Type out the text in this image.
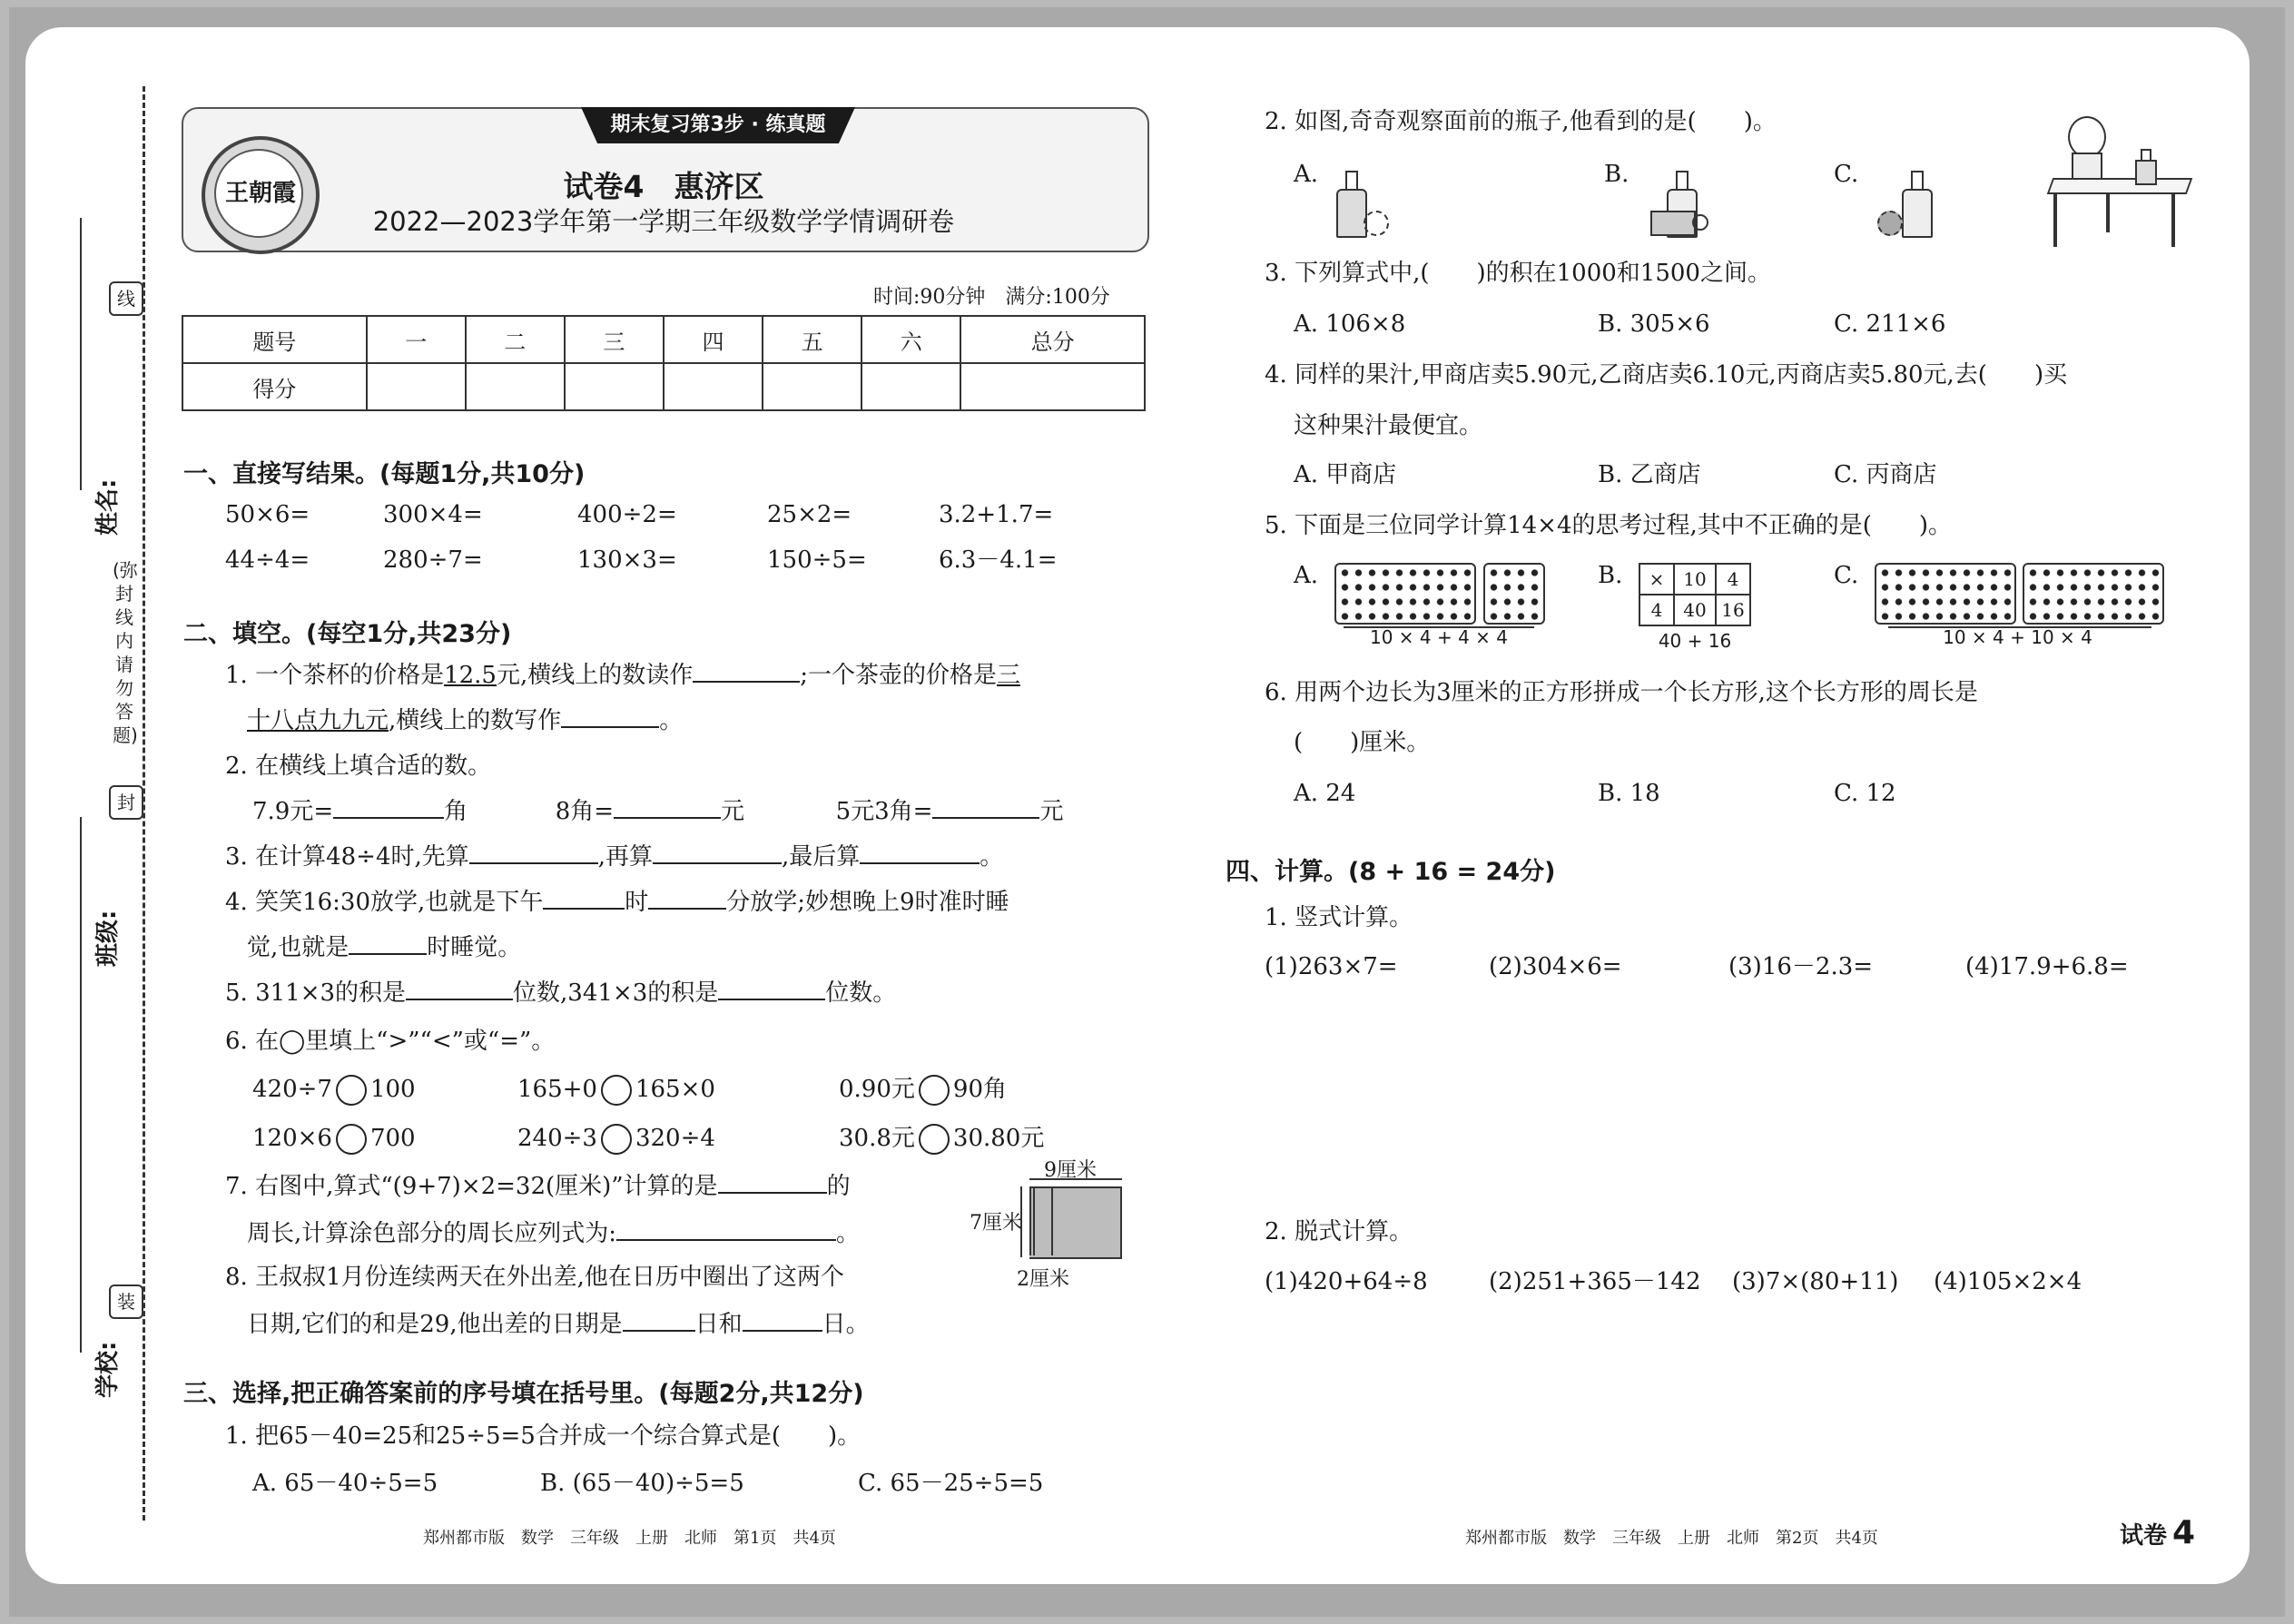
姓名:
班级:
学校:
线
封
装
(弥封线内请勿答题)
期末复习第3步 · 练真题
王朝霞	试卷4　惠济区
2022—2023学年第一学期三年级数学学情调研卷
时间:90分钟　满分:100分
题号	一	二	三	四	五	六	总分
得分							
一、直接写结果。(每题1分,共10分)
50×6=	300×4=	400÷2=	25×2=	3.2+1.7=
44÷4=	280÷7=	130×3=	150÷5=	6.3－4.1=
二、填空。(每空1分,共23分)
1. 一个茶杯的价格是12.5元,横线上的数读作	;一个茶壶的价格是三
十八点九九元,横线上的数写作	。
2. 在横线上填合适的数。
7.9元=	角	8角=	元	5元3角=	元
3. 在计算48÷4时,先算	,再算	,最后算	。
4. 笑笑16:30放学,也就是下午	时	分放学;妙想晚上9时准时睡
觉,也就是	时睡觉。
5. 311×3的积是	位数,341×3的积是	位数。
6. 在◯里填上“>”“<”或“=”。
420÷7 100	165+0 165×0	0.90元 90角
120×6 700	240÷3 320÷4	30.8元 30.80元
7. 右图中,算式“(9+7)×2=32(厘米)”计算的是	的
周长,计算涂色部分的周长应列式为:	。
9厘米
7厘米
2厘米
8. 王叔叔1月份连续两天在外出差,他在日历中圈出了这两个
日期,它们的和是29,他出差的日期是	日和	日。
三、选择,把正确答案前的序号填在括号里。(每题2分,共12分)
1. 把65－40=25和25÷5=5合并成一个综合算式是(　　)。
A. 65－40÷5=5	B. (65－40)÷5=5	C. 65－25÷5=5
郑州都市版　数学　三年级　上册　北师　第1页　共4页
2. 如图,奇奇观察面前的瓶子,他看到的是(　　)。
A.	B.	C.
3. 下列算式中,(　　)的积在1000和1500之间。
A. 106×8	B. 305×6	C. 211×6
4. 同样的果汁,甲商店卖5.90元,乙商店卖6.10元,丙商店卖5.80元,去(　　)买
这种果汁最便宜。
A. 甲商店	B. 乙商店	C. 丙商店
5. 下面是三位同学计算14×4的思考过程,其中不正确的是(　　)。
A.	B.	C.
10 × 4 + 4 × 4
×	10	4
4	40	16
40 + 16	10 × 4 + 10 × 4
6. 用两个边长为3厘米的正方形拼成一个长方形,这个长方形的周长是
(　　)厘米。
A. 24	B. 18	C. 12
四、计算。(8 + 16 = 24分)
1. 竖式计算。
(1)263×7=	(2)304×6=	(3)16－2.3=	(4)17.9+6.8=
2. 脱式计算。
(1)420+64÷8	(2)251+365－142 (3)7×(80+11) (4)105×2×4
郑州都市版　数学　三年级　上册　北师　第2页　共4页	试卷 4
